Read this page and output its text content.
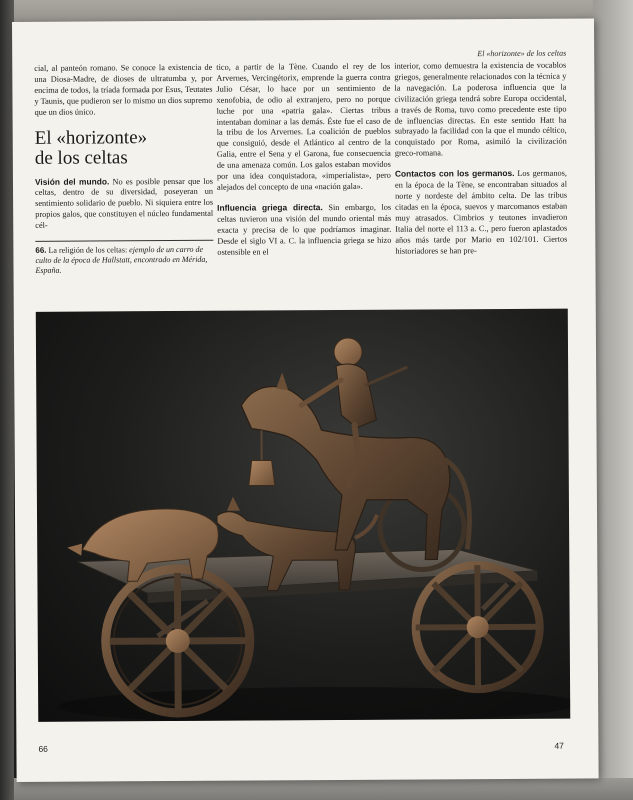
El «horizonte» de los celtas

cial, al panteón romano. Se conoce la existencia de una Diosa-Madre, de dioses de ultratumba y, por encima de todos, la tríada formada por Esus, Teutates y Taunis, que pudieron ser lo mismo un dios supremo que un dios único.

El «horizonte»
de los celtas

Visión del mundo. No es posible pensar que los celtas, dentro de su diversidad, poseyeran un sentimiento solidario de pueblo. Ni siquiera entre los propios galos, que constituyen el núcleo fundamental cél-

66. La religión de los celtas: ejemplo de un carro de culto de la época de Hallstatt, encontrado en Mérida, España.

tico, a partir de la Tène. Cuando el rey de los Arvernes, Vercingétorix, emprende la guerra contra Julio César, lo hace por un sentimiento de xenofobia, de odio al extranjero, pero no porque luche por una «patria gala». Ciertas tribus intentaban dominar a las demás. Éste fue el caso de la tribu de los Arvernes. La coalición de pueblos que consiguió, desde el Atlántico al centro de la Galia, entre el Sena y el Garona, fue consecuencia de una amenaza común. Los galos estaban movidos por una idea conquistadora, «imperialista», pero alejados del concepto de una «nación gala».

Influencia griega directa. Sin embargo, los celtas tuvieron una visión del mundo oriental más exacta y precisa de lo que podríamos imaginar. Desde el siglo VI a. C. la influencia griega se hizo ostensible en el

interior, como demuestra la existencia de vocablos griegos, generalmente relacionados con la técnica y la navegación. La poderosa influencia que la civilización griega tendrá sobre Europa occidental, a través de Roma, tuvo como precedente este tipo de influencias directas. En este sentido Hatt ha subrayado la facilidad con la que el mundo céltico, conquistado por Roma, asimiló la civilización greco-romana.

Contactos con los germanos. Los germanos, en la época de la Tène, se encontraban situados al norte y nordeste del ámbito celta. De las tribus citadas en la época, suevos y marcomanos estaban muy atrasados. Cimbrios y teutones invadieron Italia del norte el 113 a. C., pero fueron aplastados años más tarde por Mario en 102/101. Ciertos historiadores se han pre-

66	47
